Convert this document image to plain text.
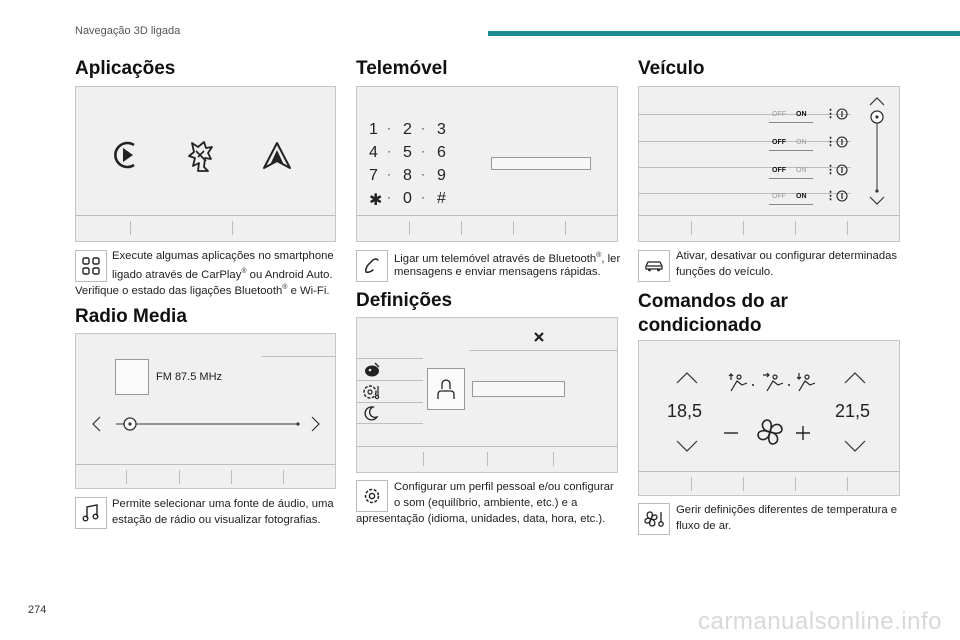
Navegação 3D ligada
Aplicações
Execute algumas aplicações no smartphone
ligado através de CarPlay® ou Android Auto.
Verifique o estado das ligações Bluetooth® e Wi-Fi.
Radio Media
FM 87.5 MHz
Permite selecionar uma fonte de áudio, uma
estação de rádio ou visualizar fotografias.
Telemóvel
1 · 2 · 3
4 · 5 · 6
7 · 8 · 9
✱ · 0 · #
Ligar um telemóvel através de Bluetooth®, ler
mensagens e enviar mensagens rápidas.
Definições
Configurar um perfil pessoal e/ou configurar
o som (equilíbrio, ambiente, etc.) e a
apresentação (idioma, unidades, data, hora, etc.).
Veículo
OFF ON ⋮
OFF ON ⋮
OFF ON ⋮
OFF ON ⋮
Ativar, desativar ou configurar determinadas
funções do veículo.
Comandos do ar
condicionado
18,5	21,5
Gerir definições diferentes de temperatura e
fluxo de ar.
274	carmanualsonline.info
